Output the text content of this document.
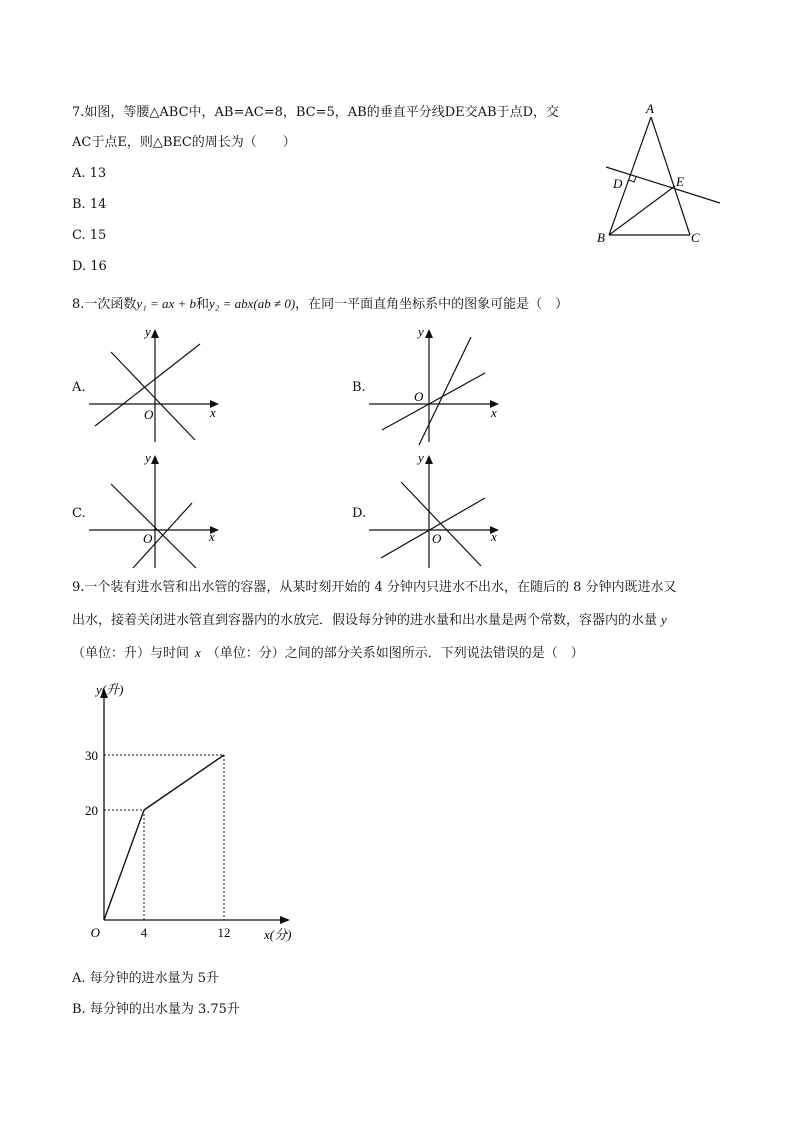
7.如图，等腰△ABC中，AB=AC=8，BC=5，AB的垂直平分线DE交AB于点D，交
AC于点E，则△BEC的周长为（　　）
A. 13
B. 14
C. 15
D. 16
A
B	C
D	E
8.一次函数y₁ = ax + b和y₂ = abx(ab ≠ 0)，在同一平面直角坐标系中的图象可能是（　）
A.
y
x
O
B.
y
x
O
C.
y
x
O
D.
y
x
O
9.一个装有进水管和出水管的容器，从某时刻开始的 4 分钟内只进水不出水，在随后的 8 分钟内既进水又
出水，接着关闭进水管直到容器内的水放完．假设每分钟的进水量和出水量是两个常数，容器内的水量 y
（单位：升）与时间 x （单位：分）之间的部分关系如图所示．下列说法错误的是（　）
4	12
20
30
O	x(分)
y(升)
A. 每分钟的进水量为 5升
B. 每分钟的出水量为 3.75升
